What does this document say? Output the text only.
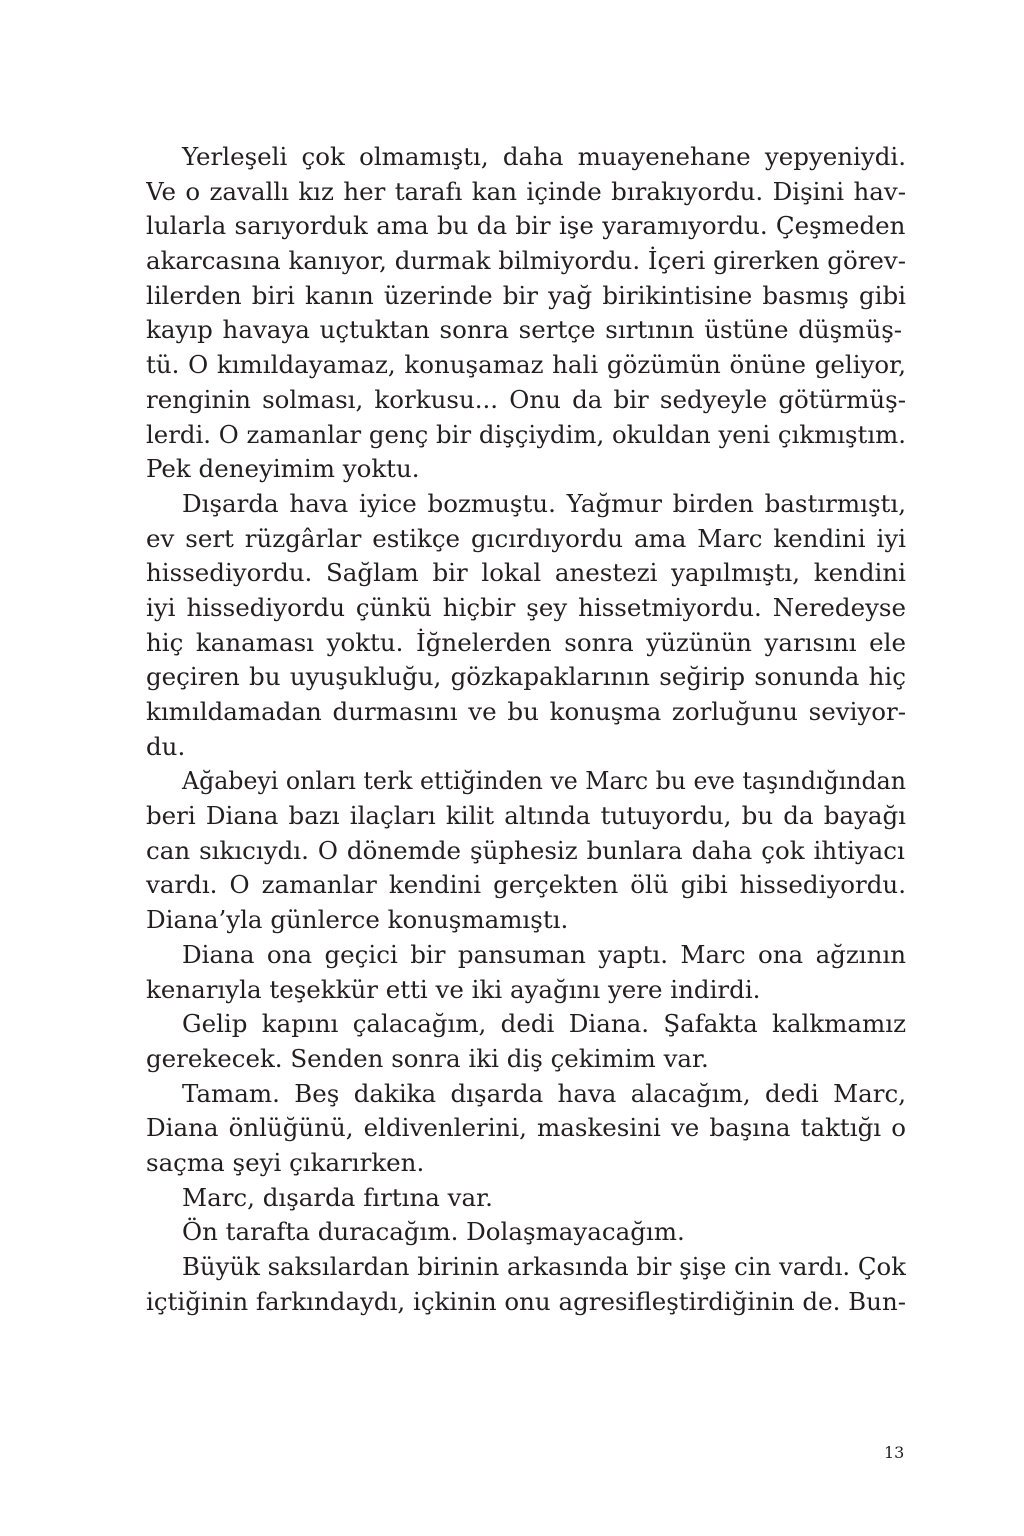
Yerleşeli çok olmamıştı, daha muayenehane yepyeniydi.
Ve o zavallı kız her tarafı kan içinde bırakıyordu. Dişini hav-
lularla sarıyorduk ama bu da bir işe yaramıyordu. Çeşmeden
akarcasına kanıyor, durmak bilmiyordu. İçeri girerken görev-
lilerden biri kanın üzerinde bir yağ birikintisine basmış gibi
kayıp havaya uçtuktan sonra sertçe sırtının üstüne düşmüş-
tü. O kımıldayamaz, konuşamaz hali gözümün önüne geliyor,
renginin solması, korkusu... Onu da bir sedyeyle götürmüş-
lerdi. O zamanlar genç bir dişçiydim, okuldan yeni çıkmıştım.
Pek deneyimim yoktu.
Dışarda hava iyice bozmuştu. Yağmur birden bastırmıştı,
ev sert rüzgârlar estikçe gıcırdıyordu ama Marc kendini iyi
hissediyordu. Sağlam bir lokal anestezi yapılmıştı, kendini
iyi hissediyordu çünkü hiçbir şey hissetmiyordu. Neredeyse
hiç kanaması yoktu. İğnelerden sonra yüzünün yarısını ele
geçiren bu uyuşukluğu, gözkapaklarının seğirip sonunda hiç
kımıldamadan durmasını ve bu konuşma zorluğunu seviyor-
du.
Ağabeyi onları terk ettiğinden ve Marc bu eve taşındığından
beri Diana bazı ilaçları kilit altında tutuyordu, bu da bayağı
can sıkıcıydı. O dönemde şüphesiz bunlara daha çok ihtiyacı
vardı. O zamanlar kendini gerçekten ölü gibi hissediyordu.
Diana’yla günlerce konuşmamıştı.
Diana ona geçici bir pansuman yaptı. Marc ona ağzının
kenarıyla teşekkür etti ve iki ayağını yere indirdi.
Gelip kapını çalacağım, dedi Diana. Şafakta kalkmamız
gerekecek. Senden sonra iki diş çekimim var.
Tamam. Beş dakika dışarda hava alacağım, dedi Marc,
Diana önlüğünü, eldivenlerini, maskesini ve başına taktığı o
saçma şeyi çıkarırken.
Marc, dışarda fırtına var.
Ön tarafta duracağım. Dolaşmayacağım.
Büyük saksılardan birinin arkasında bir şişe cin vardı. Çok
içtiğinin farkındaydı, içkinin onu agresifleştirdiğinin de. Bun-
13
